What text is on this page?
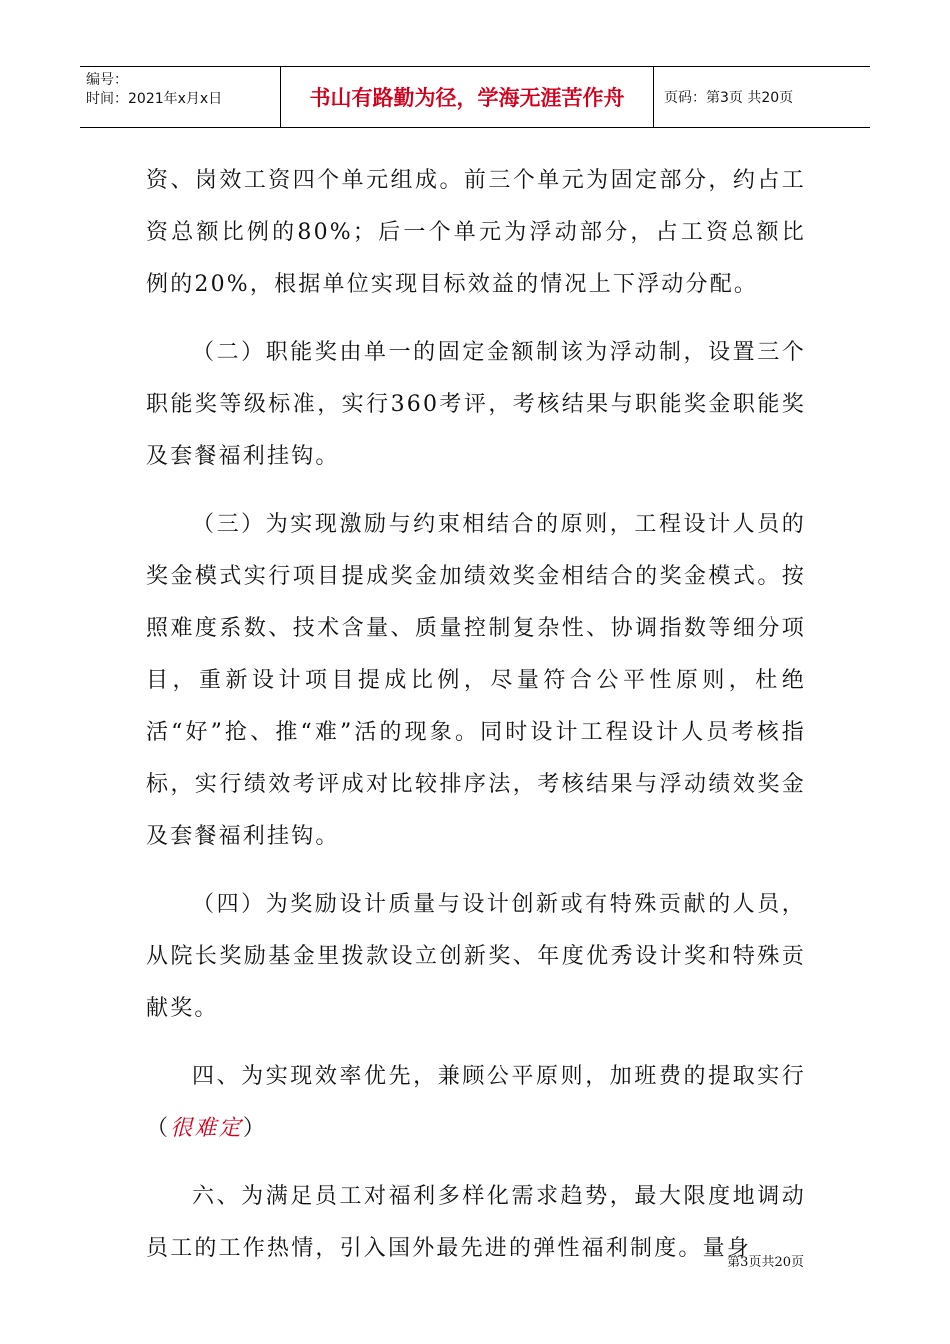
编号：
时间：2021年x月x日	书山有路勤为径，学海无涯苦作舟	页码：第3页 共20页

资、岗效工资四个单元组成。前三个单元为固定部分，约占工资总额比例的80%；后一个单元为浮动部分，占工资总额比例的20%，根据单位实现目标效益的情况上下浮动分配。

（二）职能奖由单一的固定金额制该为浮动制，设置三个职能奖等级标准，实行360考评，考核结果与职能奖金职能奖及套餐福利挂钩。

（三）为实现激励与约束相结合的原则，工程设计人员的奖金模式实行项目提成奖金加绩效奖金相结合的奖金模式。按照难度系数、技术含量、质量控制复杂性、协调指数等细分项目，重新设计项目提成比例，尽量符合公平性原则，杜绝活“好”抢、推“难”活的现象。同时设计工程设计人员考核指标，实行绩效考评成对比较排序法，考核结果与浮动绩效奖金及套餐福利挂钩。

（四）为奖励设计质量与设计创新或有特殊贡献的人员，从院长奖励基金里拨款设立创新奖、年度优秀设计奖和特殊贡献奖。

四、为实现效率优先，兼顾公平原则，加班费的提取实行（很难定）

六、为满足员工对福利多样化需求趋势，最大限度地调动员工的工作热情，引入国外最先进的弹性福利制度。量身

第3页共20页
